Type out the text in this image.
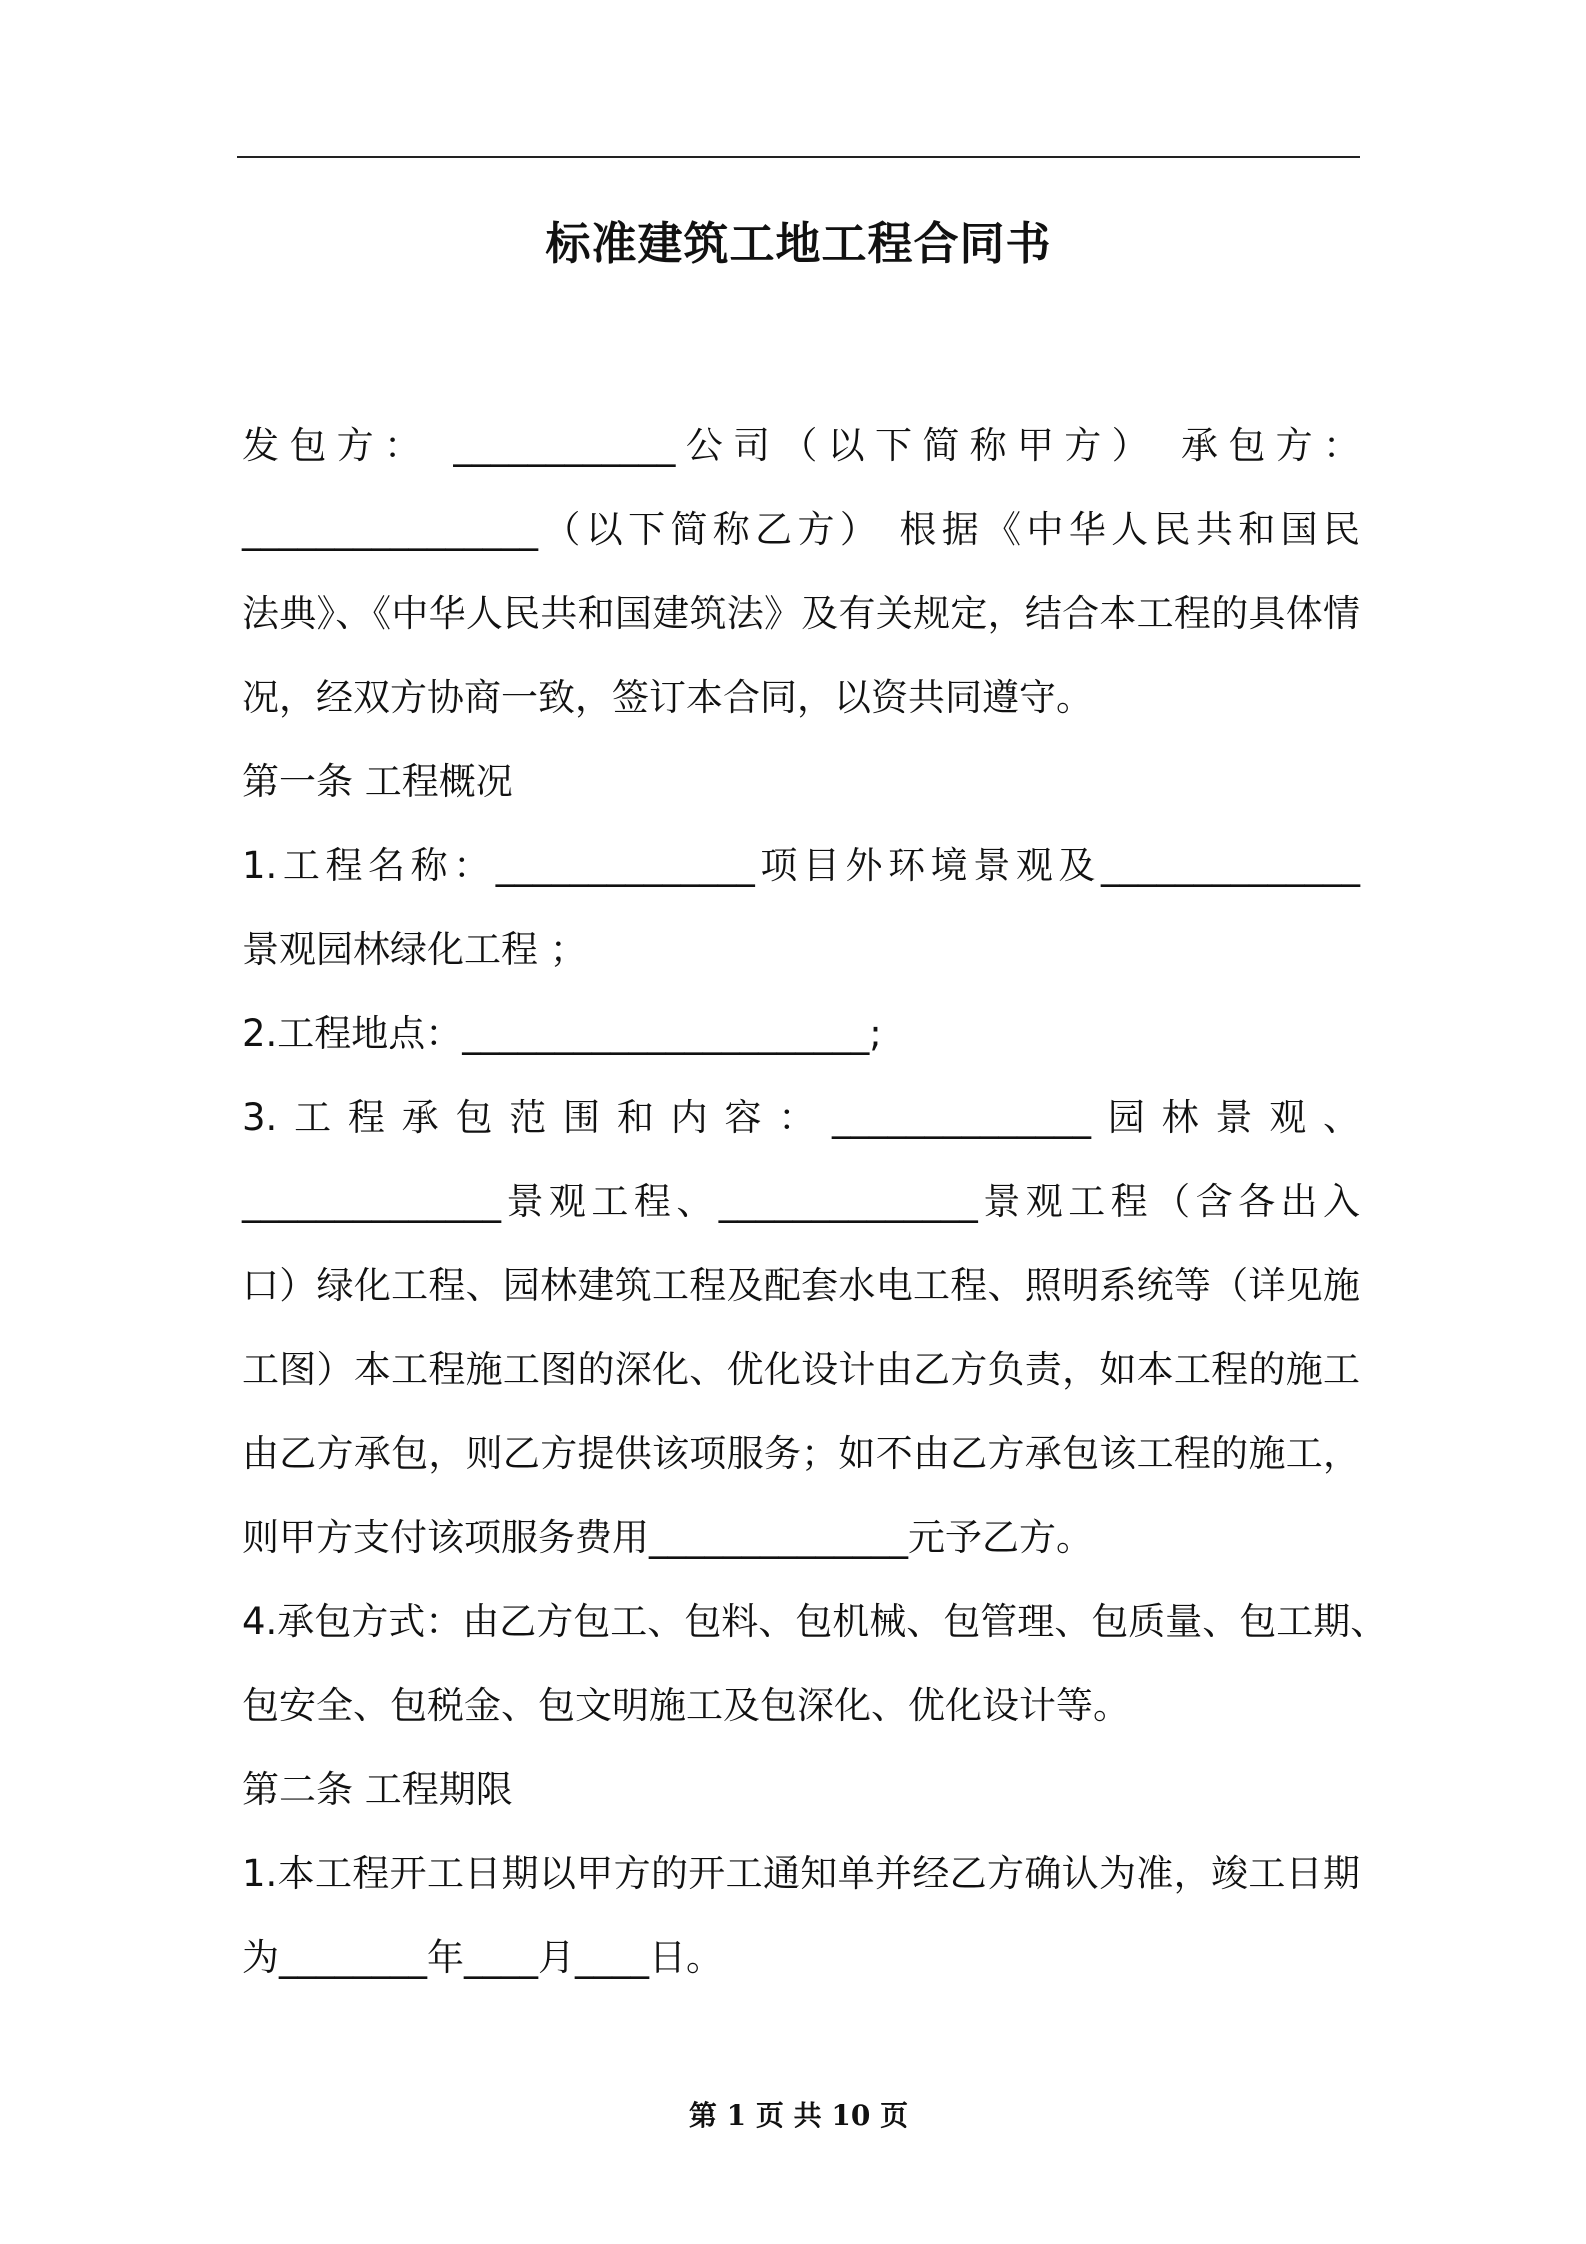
标准建筑工地工程合同书
发包方： ____________公司（以下简称甲方） 承包方：
________________（以下简称乙方） 根据《中华人民共和国民
法典》、《中华人民共和国建筑法》及有关规定，结合本工程的具体情
况，经双方协商一致，签订本合同，以资共同遵守。
第一条 工程概况
1.工程名称：______________项目外环境景观及______________
景观园林绿化工程 ；
2.工程地点：______________________;
3.工程承包范围和内容：______________园林景观、
______________景观工程、______________景观工程（含各出入
口）绿化工程、园林建筑工程及配套水电工程、照明系统等（详见施
工图）本工程施工图的深化、优化设计由乙方负责，如本工程的施工
由乙方承包，则乙方提供该项服务；如不由乙方承包该工程的施工，
则甲方支付该项服务费用______________元予乙方。
4.承包方式：由乙方包工、包料、包机械、包管理、包质量、包工期、
包安全、包税金、包文明施工及包深化、优化设计等。
第二条 工程期限
1.本工程开工日期以甲方的开工通知单并经乙方确认为准，竣工日期
为________年____月____日。
第 1 页 共 10 页
